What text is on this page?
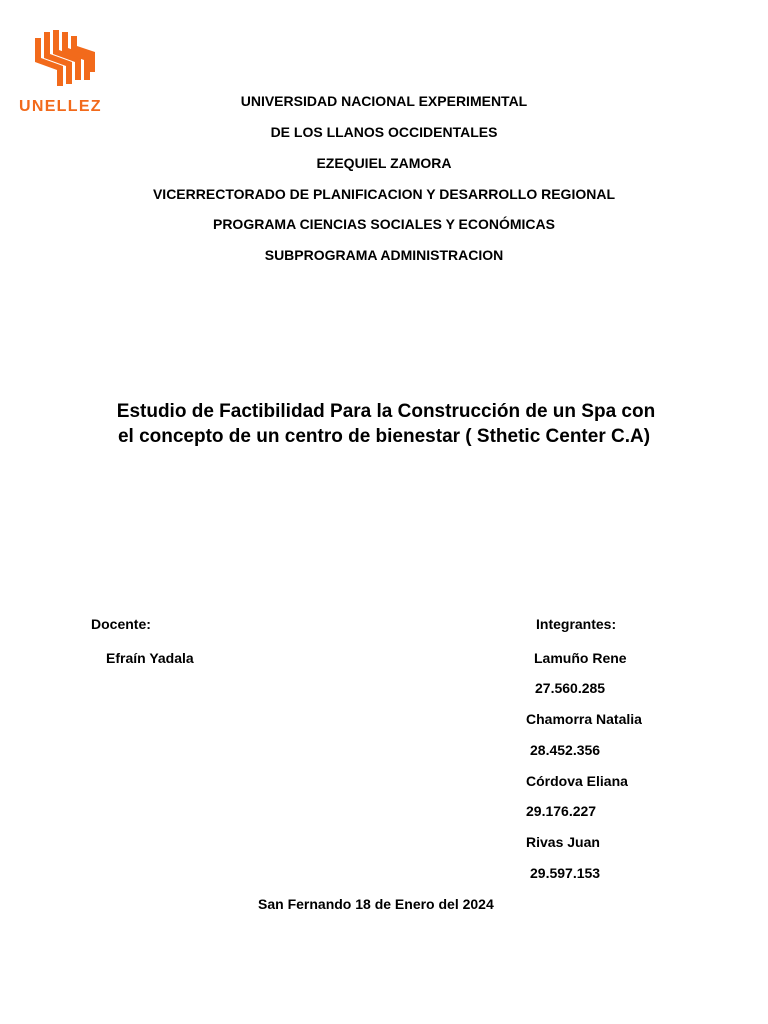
UNELLEZ	UNIVERSIDAD NACIONAL EXPERIMENTAL
DE LOS LLANOS OCCIDENTALES
EZEQUIEL ZAMORA
VICERRECTORADO DE PLANIFICACION Y DESARROLLO REGIONAL
PROGRAMA CIENCIAS SOCIALES Y ECONÓMICAS
SUBPROGRAMA ADMINISTRACION
Estudio de Factibilidad Para la Construcción de un Spa con
el concepto de un centro de bienestar ( Sthetic Center C.A)
Docente:
Efraín Yadala
Integrantes:
Lamuño Rene
27.560.285
Chamorra Natalia
28.452.356
Córdova Eliana
29.176.227
Rivas Juan
29.597.153
San Fernando 18 de Enero del 2024
